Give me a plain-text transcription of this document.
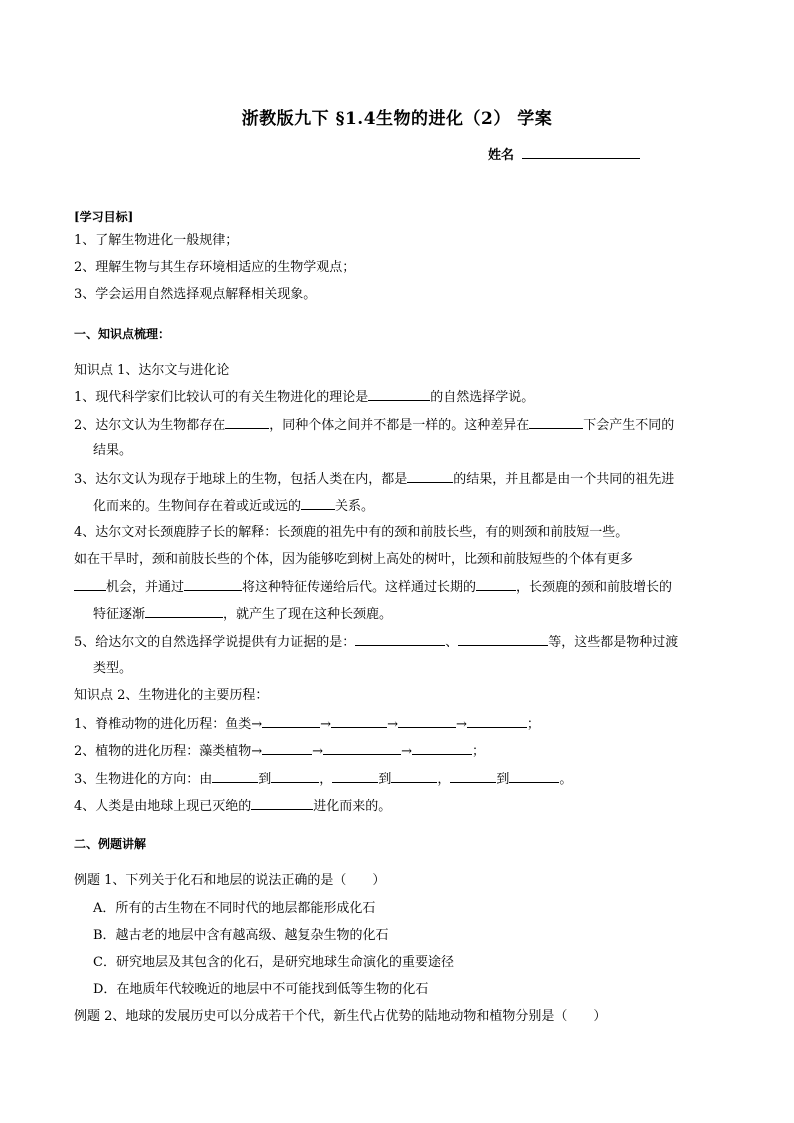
浙教版九下 §1.4生物的进化（2） 学案
姓名
[学习目标]
1、了解生物进化一般规律；
2、理解生物与其生存环境相适应的生物学观点；
3、学会运用自然选择观点解释相关现象。
一、知识点梳理：
知识点 1、达尔文与进化论
1、现代科学家们比较认可的有关生物进化的理论是	的自然选择学说。
2、达尔文认为生物都存在	，同种个体之间并不都是一样的。这种差异在	下会产生不同的
结果。
3、达尔文认为现存于地球上的生物，包括人类在内，都是	的结果，并且都是由一个共同的祖先进
化而来的。生物间存在着或近或远的	关系。
4、达尔文对长颈鹿脖子长的解释：长颈鹿的祖先中有的颈和前肢长些，有的则颈和前肢短一些。
如在干旱时，颈和前肢长些的个体，因为能够吃到树上高处的树叶，比颈和前肢短些的个体有更多
机会，并通过	将这种特征传递给后代。这样通过长期的	，长颈鹿的颈和前肢增长的
特征逐渐	，就产生了现在这种长颈鹿。
5、给达尔文的自然选择学说提供有力证据的是：	、	等，这些都是物种过渡
类型。
知识点 2、生物进化的主要历程：
1、脊椎动物的进化历程：鱼类→	→	→	→	；
2、植物的进化历程：藻类植物→	→	→	；
3、生物进化的方向：由	到	，	到	，	到	。
4、人类是由地球上现已灭绝的	进化而来的。
二、例题讲解
例题 1、下列关于化石和地层的说法正确的是（　　）
A．所有的古生物在不同时代的地层都能形成化石
B．越古老的地层中含有越高级、越复杂生物的化石
C．研究地层及其包含的化石，是研究地球生命演化的重要途径
D．在地质年代较晚近的地层中不可能找到低等生物的化石
例题 2、地球的发展历史可以分成若干个代，新生代占优势的陆地动物和植物分别是（　　）
